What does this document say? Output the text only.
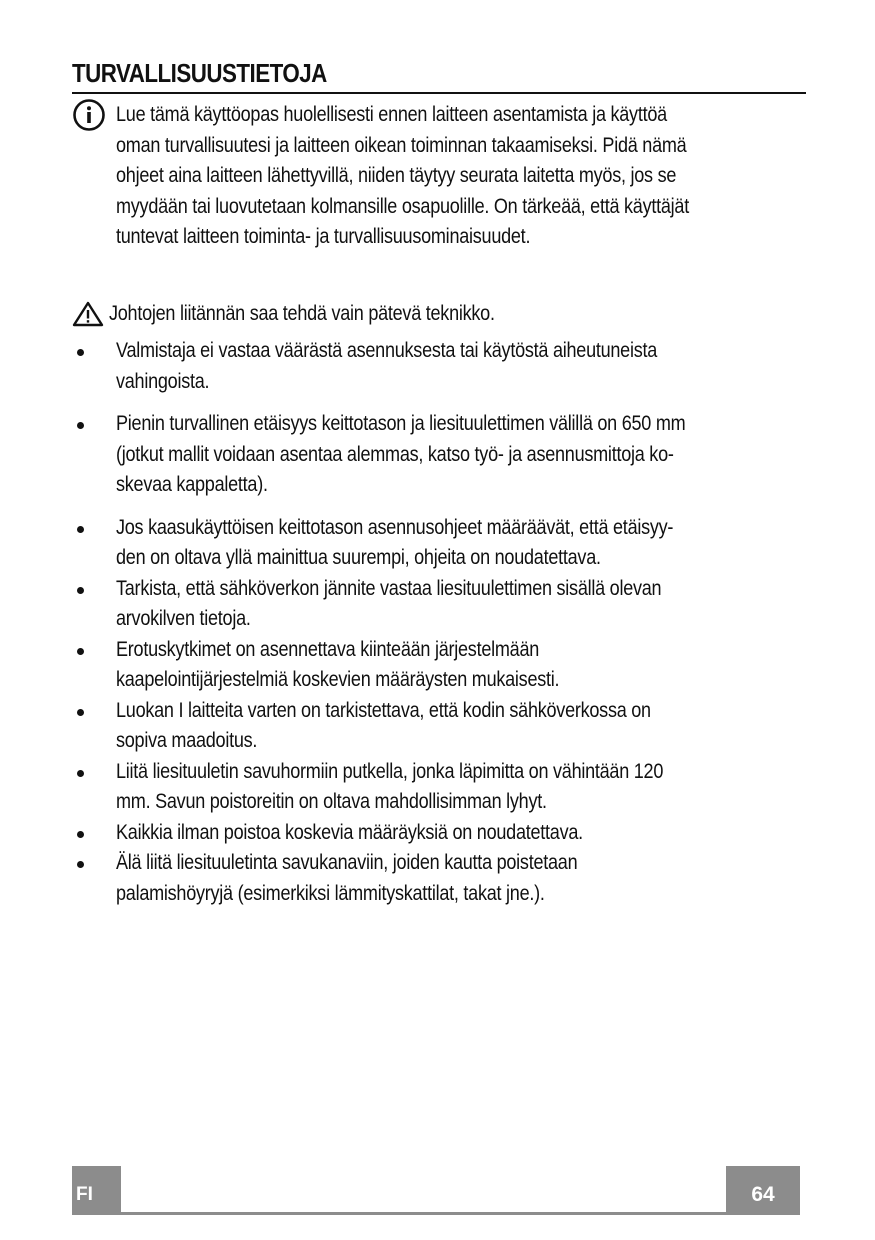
TURVALLISUUSTIETOJA
Lue tämä käyttöopas huolellisesti ennen laitteen asentamista ja käyttöä
oman turvallisuutesi ja laitteen oikean toiminnan takaamiseksi. Pidä nämä
ohjeet aina laitteen lähettyvillä, niiden täytyy seurata laitetta myös, jos se
myydään tai luovutetaan kolmansille osapuolille. On tärkeää, että käyttäjät
tuntevat laitteen toiminta- ja turvallisuusominaisuudet.
Johtojen liitännän saa tehdä vain pätevä teknikko.
Valmistaja ei vastaa väärästä asennuksesta tai käytöstä aiheutuneista
vahingoista.
Pienin turvallinen etäisyys keittotason ja liesituulettimen välillä on 650 mm
(jotkut mallit voidaan asentaa alemmas, katso työ- ja asennusmittoja ko-
skevaa kappaletta).
Jos kaasukäyttöisen keittotason asennusohjeet määräävät, että etäisyy-
den on oltava yllä mainittua suurempi, ohjeita on noudatettava.
Tarkista, että sähköverkon jännite vastaa liesituulettimen sisällä olevan
arvokilven tietoja.
Erotuskytkimet on asennettava kiinteään järjestelmään
kaapelointijärjestelmiä koskevien määräysten mukaisesti.
Luokan I laitteita varten on tarkistettava, että kodin sähköverkossa on
sopiva maadoitus.
Liitä liesituuletin savuhormiin putkella, jonka läpimitta on vähintään 120
mm. Savun poistoreitin on oltava mahdollisimman lyhyt.
Kaikkia ilman poistoa koskevia määräyksiä on noudatettava.
Älä liitä liesituuletinta savukanaviin, joiden kautta poistetaan
palamishöyryjä (esimerkiksi lämmityskattilat, takat jne.).
FI	64
